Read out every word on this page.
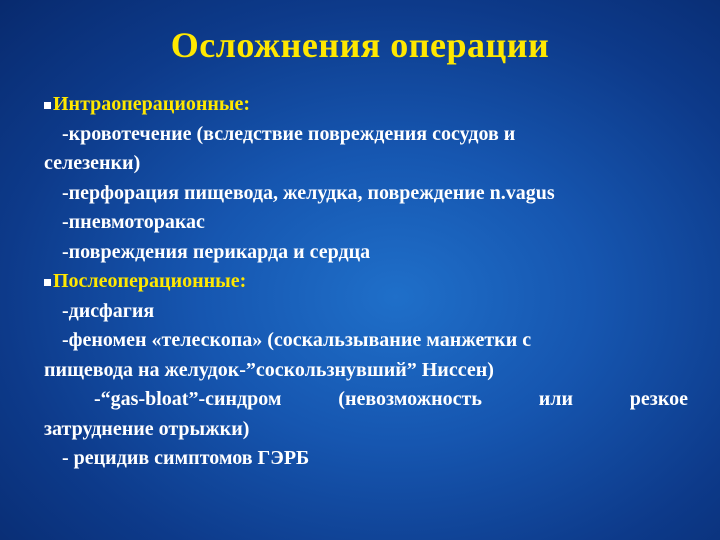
Осложнения операции
Интраоперационные:
-кровотечение (вследствие повреждения сосудов и
селезенки)
-перфорация пищевода, желудка, повреждение n.vagus
-пневмоторакас
-повреждения перикарда и сердца
Послеоперационные:
-дисфагия
-феномен «телескопа» (соскальзывание манжетки с
пищевода на желудок-”соскользнувший” Ниссен)
-“gas-bloat”-синдром	(невозможность	или	резкое
затруднение отрыжки)
- рецидив симптомов ГЭРБ
